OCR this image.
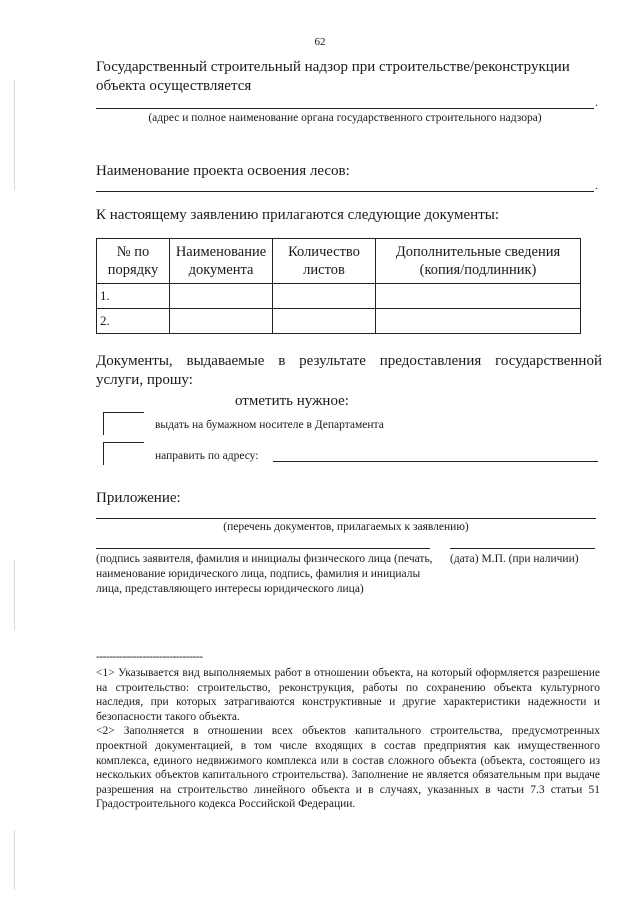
62
Государственный строительный надзор при строительстве/реконструкции объекта осуществляется
.
(адрес и полное наименование органа государственного строительного надзора)
Наименование проекта освоения лесов:
.
К настоящему заявлению прилагаются следующие документы:
№ по порядку	Наименование документа	Количество листов	Дополнительные сведения (копия/подлинник)
1.			
2.			
Документы, выдаваемые в результате предоставления государственной услуги, прошу:
отметить нужное:
выдать на бумажном носителе в Департамента
направить по адресу:
Приложение:
(перечень документов, прилагаемых к заявлению)
(подпись заявителя, фамилия и инициалы физического лица (печать, наименование юридического лица, подпись, фамилия и инициалы лица, представляющего интересы юридического лица)
(дата) М.П. (при наличии)
--------------------------------

<1> Указывается вид выполняемых работ в отношении объекта, на который оформляется разрешение на строительство: строительство, реконструкция, работы по сохранению объекта культурного наследия, при которых затрагиваются конструктивные и другие характеристики надежности и безопасности такого объекта.

<2> Заполняется в отношении всех объектов капитального строительства, предусмотренных проектной документацией, в том числе входящих в состав предприятия как имущественного комплекса, единого недвижимого комплекса или в состав сложного объекта (объекта, состоящего из нескольких объектов капитального строительства). Заполнение не является обязательным при выдаче разрешения на строительство линейного объекта и в случаях, указанных в части 7.3 статьи 51 Градостроительного кодекса Российской Федерации.
